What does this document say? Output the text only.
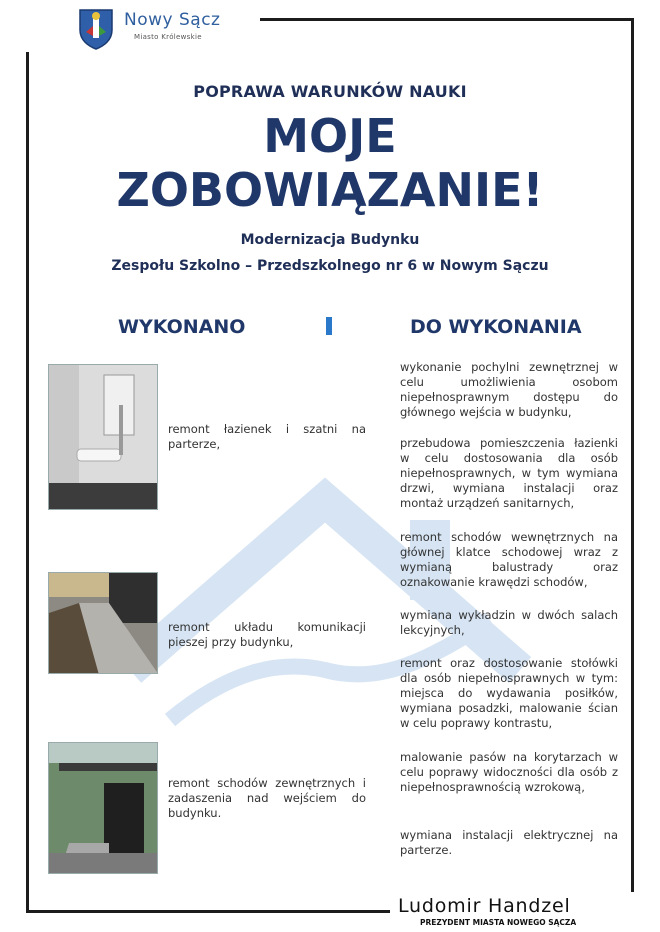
Nowy Sącz
Miasto Królewskie
POPRAWA WARUNKÓW NAUKI
MOJE
ZOBOWIĄZANIE!
Modernizacja Budynku
Zespołu Szkolno – Przedszkolnego nr 6 w Nowym Sączu
WYKONANO	DO WYKONANIA
remont łazienek i szatni na parterze,
remont układu komunikacji pieszej przy budynku,
remont schodów zewnętrznych i zadaszenia nad wejściem do budynku.
wykonanie pochylni zewnętrznej w celu umożliwienia osobom niepełnosprawnym dostępu do głównego wejścia w budynku,
przebudowa pomieszczenia łazienki w celu dostosowania dla osób niepełnosprawnych, w tym wymiana drzwi, wymiana instalacji oraz montaż urządzeń sanitarnych,
remont schodów wewnętrznych na głównej klatce schodowej wraz z wymianą balustrady oraz oznakowanie krawędzi schodów,
wymiana wykładzin w dwóch salach lekcyjnych,
remont oraz dostosowanie stołówki dla osób niepełnosprawnych w tym: miejsca do wydawania posiłków, wymiana posadzki, malowanie ścian w celu poprawy kontrastu,
malowanie pasów na korytarzach w celu poprawy widoczności dla osób z niepełnosprawnością wzrokową,
wymiana instalacji elektrycznej na parterze.
Ludomir Handzel
PREZYDENT MIASTA NOWEGO SĄCZA
